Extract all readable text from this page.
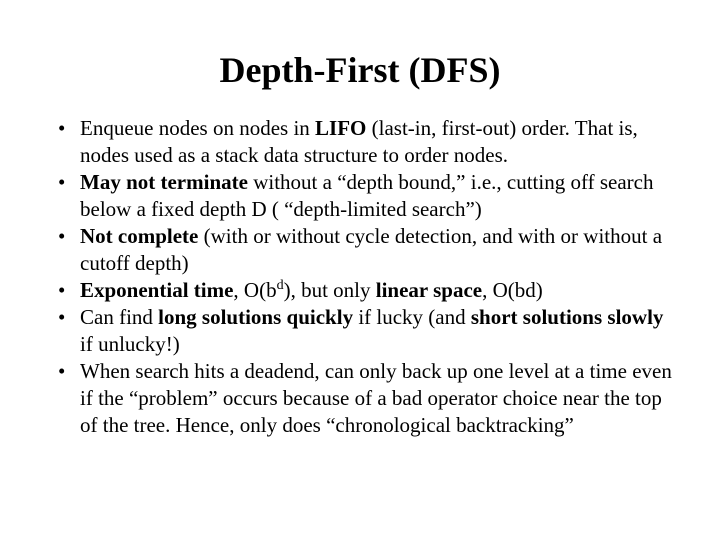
Depth-First (DFS)
• Enqueue nodes on nodes in LIFO (last-in, first-out) order. That is, nodes used as a stack data structure to order nodes.
• May not terminate without a “depth bound,” i.e., cutting off search below a fixed depth D ( “depth-limited search”)
• Not complete (with or without cycle detection, and with or without a cutoff depth)
• Exponential time, $O(b^d)$, but only linear space, O(bd)
• Can find long solutions quickly if lucky (and short solutions slowly if unlucky!)
• When search hits a deadend, can only back up one level at a time even if the “problem” occurs because of a bad operator choice near the top of the tree. Hence, only does “chronological backtracking”
